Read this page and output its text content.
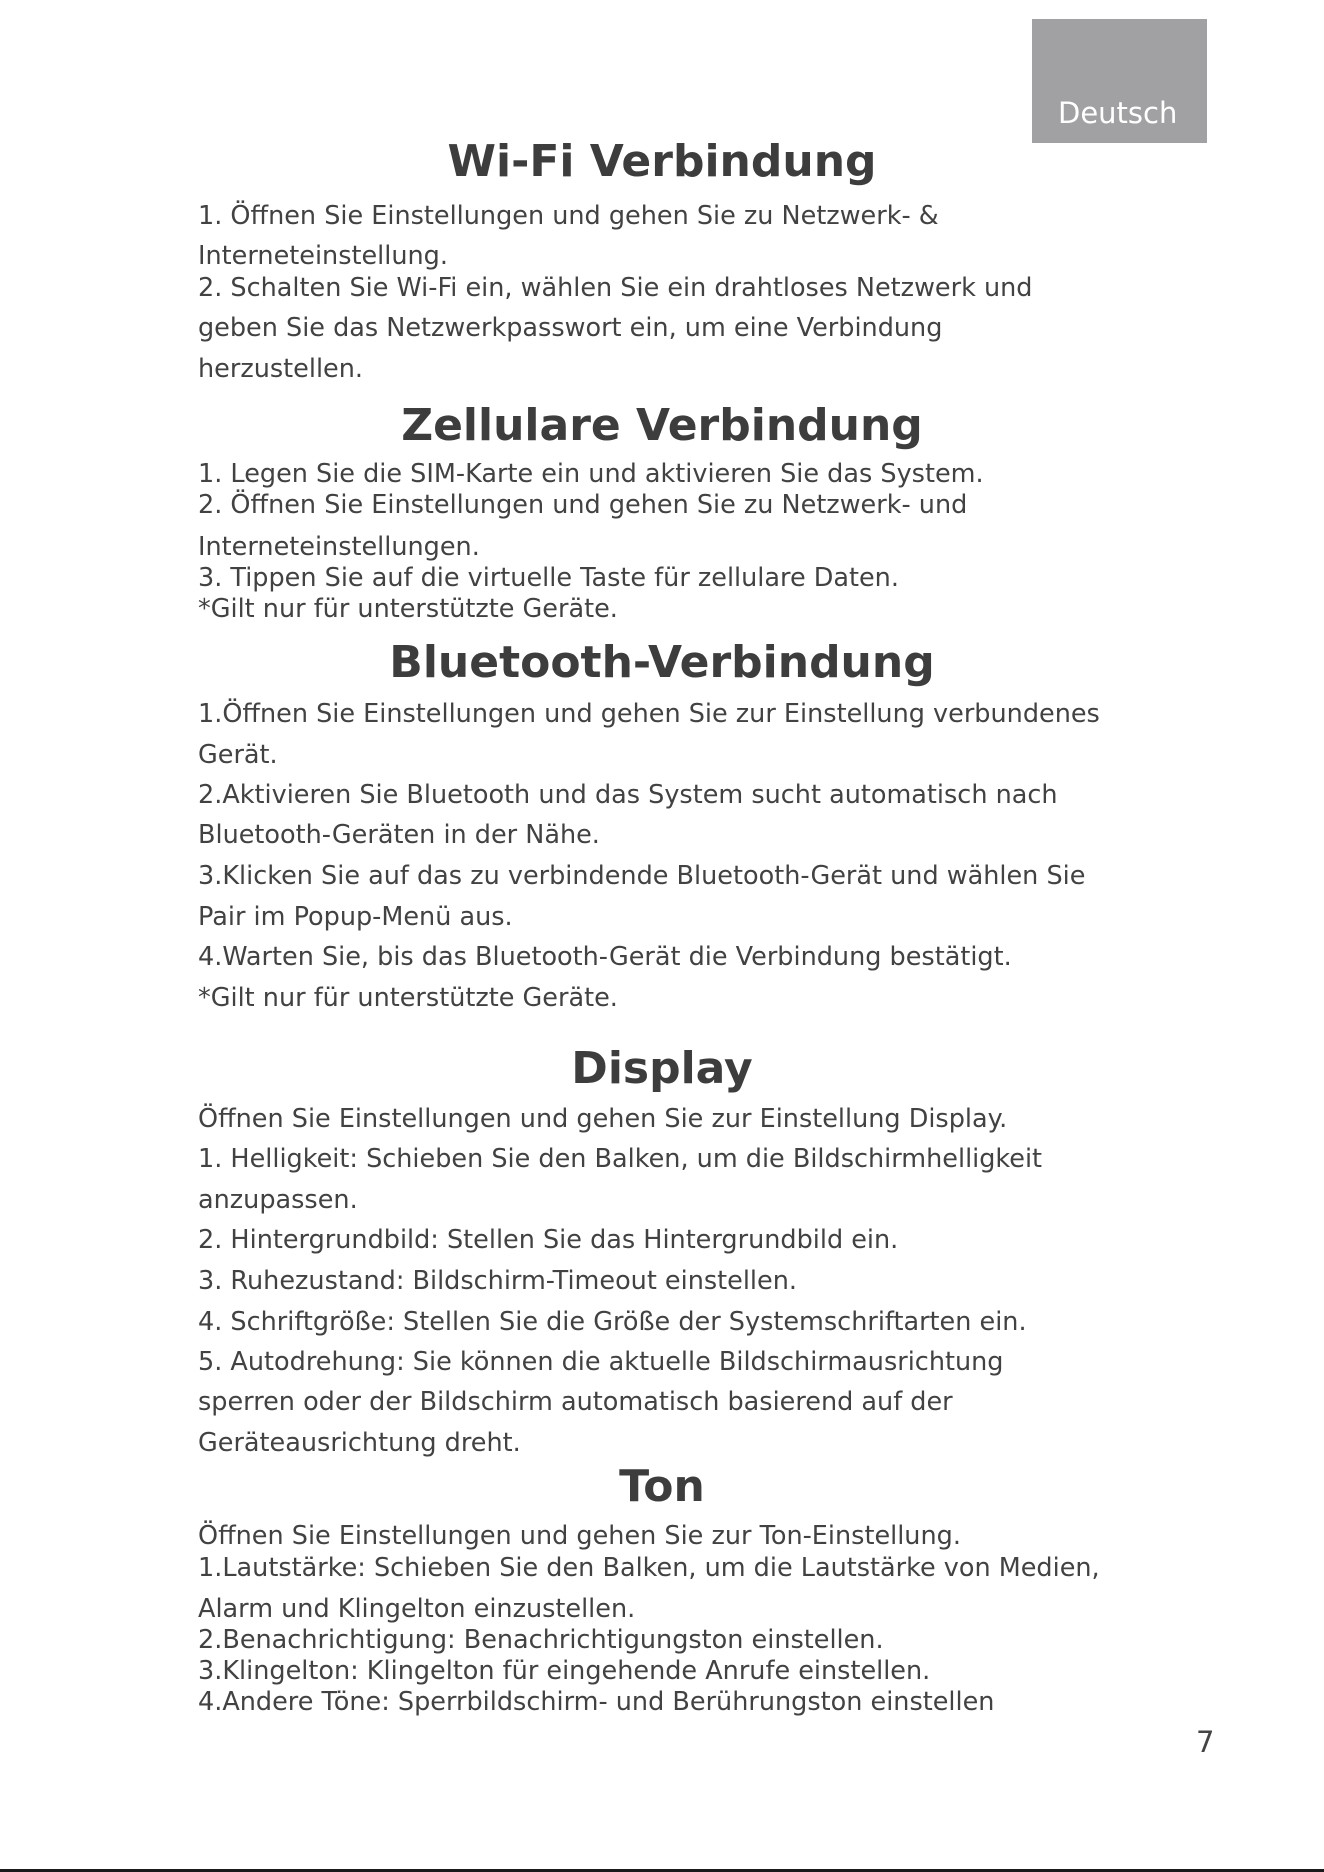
Deutsch
Wi-Fi Verbindung

1. Öffnen Sie Einstellungen und gehen Sie zu Netzwerk- &

Interneteinstellung.

2. Schalten Sie Wi-Fi ein, wählen Sie ein drahtloses Netzwerk und

geben Sie das Netzwerkpasswort ein, um eine Verbindung

herzustellen.

Zellulare Verbindung

1. Legen Sie die SIM-Karte ein und aktivieren Sie das System.

2. Öffnen Sie Einstellungen und gehen Sie zu Netzwerk- und

Interneteinstellungen.

3. Tippen Sie auf die virtuelle Taste für zellulare Daten.

*Gilt nur für unterstützte Geräte.

Bluetooth-Verbindung

1.Öffnen Sie Einstellungen und gehen Sie zur Einstellung verbundenes

Gerät.

2.Aktivieren Sie Bluetooth und das System sucht automatisch nach

Bluetooth-Geräten in der Nähe.

3.Klicken Sie auf das zu verbindende Bluetooth-Gerät und wählen Sie

Pair im Popup-Menü aus.

4.Warten Sie, bis das Bluetooth-Gerät die Verbindung bestätigt.

*Gilt nur für unterstützte Geräte.

Display

Öffnen Sie Einstellungen und gehen Sie zur Einstellung Display.

1. Helligkeit: Schieben Sie den Balken, um die Bildschirmhelligkeit

anzupassen.

2. Hintergrundbild: Stellen Sie das Hintergrundbild ein.

3. Ruhezustand: Bildschirm-Timeout einstellen.

4. Schriftgröße: Stellen Sie die Größe der Systemschriftarten ein.

5. Autodrehung: Sie können die aktuelle Bildschirmausrichtung

sperren oder der Bildschirm automatisch basierend auf der

Geräteausrichtung dreht.

Ton

Öffnen Sie Einstellungen und gehen Sie zur Ton-Einstellung.

1.Lautstärke: Schieben Sie den Balken, um die Lautstärke von Medien,

Alarm und Klingelton einzustellen.

2.Benachrichtigung: Benachrichtigungston einstellen.

3.Klingelton: Klingelton für eingehende Anrufe einstellen.

4.Andere Töne: Sperrbildschirm- und Berührungston einstellen

7
